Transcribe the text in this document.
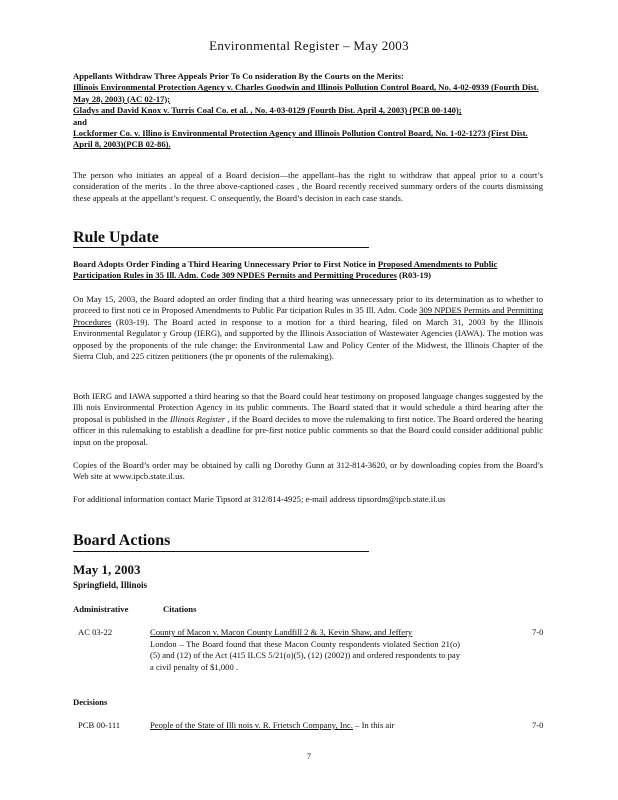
Environmental Register – May 2003
Appellants Withdraw Three Appeals Prior To Co nsideration By the Courts on the Merits:
Illinois Environmental Protection Agency v. Charles Goodwin and Illinois Pollution Control Board, No. 4-02-0939 (Fourth Dist. May 28, 2003) (AC 02-17);
Gladys and David Knox v. Turris Coal Co. et al. , No. 4-03-0129 (Fourth Dist. April 4, 2003) (PCB 00-140);
and
Lockformer Co. v. Illino is Environmental Protection Agency and Illinois Pollution Control Board, No. 1-02-1273 (First Dist. April 8, 2003)(PCB 02-86).
The person who initiates an appeal of a Board decision—the appellant–has the right to withdraw that appeal prior to a court’s consideration of the merits . In the three above-captioned cases , the Board recently received summary orders of the courts dismissing these appeals at the appellant’s request. C onsequently, the Board’s decision in each case stands.
Rule Update
Board Adopts Order Finding a Third Hearing Unnecessary Prior to First Notice in Proposed Amendments to Public Participation Rules in 35 Ill. Adm. Code 309 NPDES Permits and Permitting Procedures (R03-19)
On May 15, 2003, the Board adopted an order finding that a third hearing was unnecessary prior to its determination as to whether to proceed to first noti ce in Proposed Amendments to Public Par ticipation Rules in 35 Ill. Adm. Code 309 NPDES Permits and Permitting Procedures (R03-19). The Board acted in response to a motion for a third hearing, filed on March 31, 2003 by the Illinois Environmental Regulator y Group (IERG), and supported by the Illinois Association of Wastewater Agencies (IAWA). The motion was opposed by the proponents of the rule change: the Environmental Law and Policy Center of the Midwest, the Illinois Chapter of the Sierra Club, and 225 citizen petitioners (the pr oponents of the rulemaking).
Both IERG and IAWA supported a third hearing so that the Board could hear testimony on proposed language changes suggested by the Illi nois Environmental Protection Agency in its public comments. The Board stated that it would schedule a third hearing after the proposal is published in the Illinois Register , if the Board decides to move the rulemaking to first notice. The Board ordered the hearing officer in this rulemaking to establish a deadline for pre-first notice public comments so that the Board could consider additional public input on the proposal.
Copies of the Board’s order may be obtained by calli ng Dorothy Gunn at 312-814-3620, or by downloading copies from the Board’s Web site at www.ipcb.state.il.us.
For additional information contact Marie Tipsord at 312/814-4925; e-mail address tipsordm@ipcb.state.il.us
Board Actions
May 1, 2003
Springfield, Illinois
Administrative	Citations
AC 03-22	County of Macon v. Macon County Landfill 2 & 3, Kevin Shaw, and Jeffery	7-0
London – The Board found that these Macon County respondents violated Section 21(o)(5) and (12) of the Act (415 ILCS 5/21(o)(5), (12) (2002)) and ordered respondents to pay a civil penalty of $1,000 .
Decisions
PCB 00-111	People of the State of Illi nois v. R. Frietsch Company, Inc. – In this air	7-0
7
